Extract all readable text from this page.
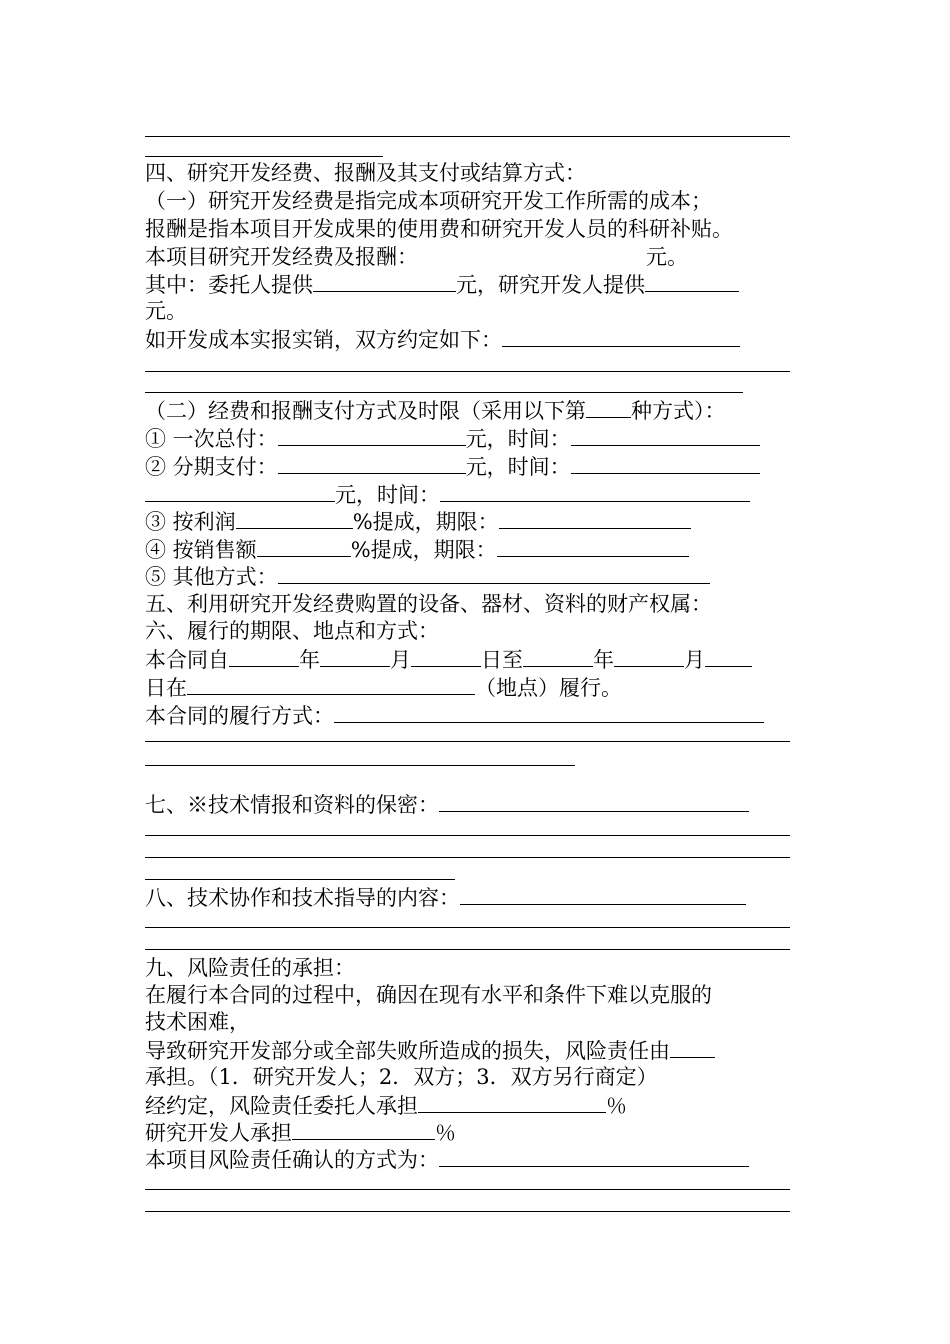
四、研究开发经费、报酬及其支付或结算方式：
（一）研究开发经费是指完成本项研究开发工作所需的成本；
报酬是指本项目开发成果的使用费和研究开发人员的科研补贴。
本项目研究开发经费及报酬：	元。
其中：委托人提供	元，研究开发人提供
元。
如开发成本实报实销，双方约定如下：
（二）经费和报酬支付方式及时限（采用以下第 种方式）：
① 一次总付：	元，时间：
② 分期支付：	元，时间：
元，时间：
③ 按利润	%提成，期限：
④ 按销售额	%提成，期限：
⑤ 其他方式：
五、利用研究开发经费购置的设备、器材、资料的财产权属：
六、履行的期限、地点和方式：
本合同自	年	月	日至	年	月
日在	（地点）履行。
本合同的履行方式：
七、※技术情报和资料的保密：
八、技术协作和技术指导的内容：
九、风险责任的承担：
在履行本合同的过程中，确因在现有水平和条件下难以克服的
技术困难，
导致研究开发部分或全部失败所造成的损失，风险责任由
承担。（1．研究开发人；2．双方；3．双方另行商定）
经约定，风险责任委托人承担	％
研究开发人承担	％
本项目风险责任确认的方式为：
